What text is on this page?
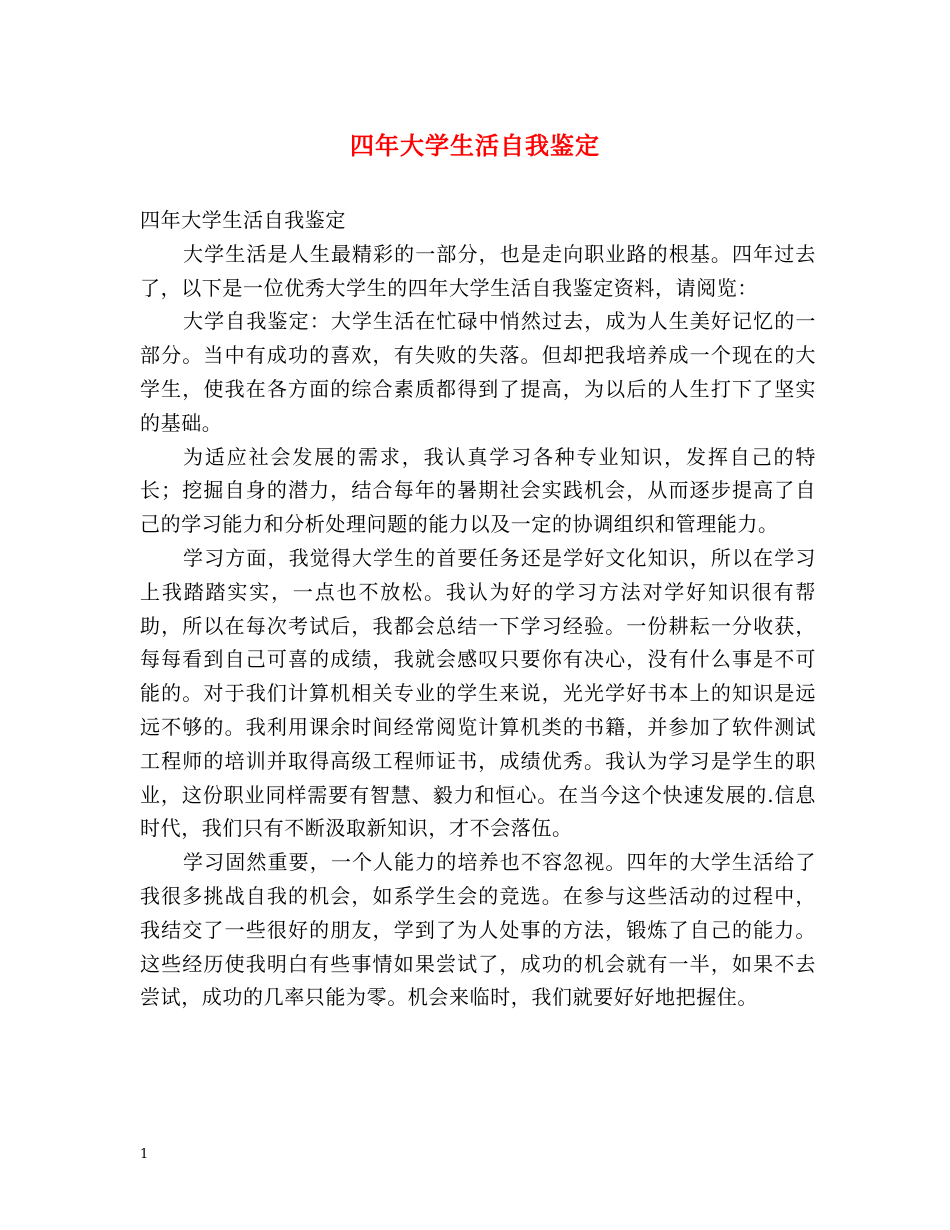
四年大学生活自我鉴定

四年大学生活自我鉴定

大学生活是人生最精彩的一部分，也是走向职业路的根基。四年过去了，以下是一位优秀大学生的四年大学生活自我鉴定资料，请阅览：

大学自我鉴定：大学生活在忙碌中悄然过去，成为人生美好记忆的一部分。当中有成功的喜欢，有失败的失落。但却把我培养成一个现在的大学生，使我在各方面的综合素质都得到了提高，为以后的人生打下了坚实的基础。

为适应社会发展的需求，我认真学习各种专业知识，发挥自己的特长；挖掘自身的潜力，结合每年的暑期社会实践机会，从而逐步提高了自己的学习能力和分析处理问题的能力以及一定的协调组织和管理能力。

学习方面，我觉得大学生的首要任务还是学好文化知识，所以在学习上我踏踏实实，一点也不放松。我认为好的学习方法对学好知识很有帮助，所以在每次考试后，我都会总结一下学习经验。一份耕耘一分收获，每每看到自己可喜的成绩，我就会感叹只要你有决心，没有什么事是不可能的。对于我们计算机相关专业的学生来说，光光学好书本上的知识是远远不够的。我利用课余时间经常阅览计算机类的书籍，并参加了软件测试工程师的培训并取得高级工程师证书，成绩优秀。我认为学习是学生的职业，这份职业同样需要有智慧、毅力和恒心。在当今这个快速发展的.信息时代，我们只有不断汲取新知识，才不会落伍。

学习固然重要，一个人能力的培养也不容忽视。四年的大学生活给了我很多挑战自我的机会，如系学生会的竞选。在参与这些活动的过程中，我结交了一些很好的朋友，学到了为人处事的方法，锻炼了自己的能力。这些经历使我明白有些事情如果尝试了，成功的机会就有一半，如果不去尝试，成功的几率只能为零。机会来临时，我们就要好好地把握住。

1
